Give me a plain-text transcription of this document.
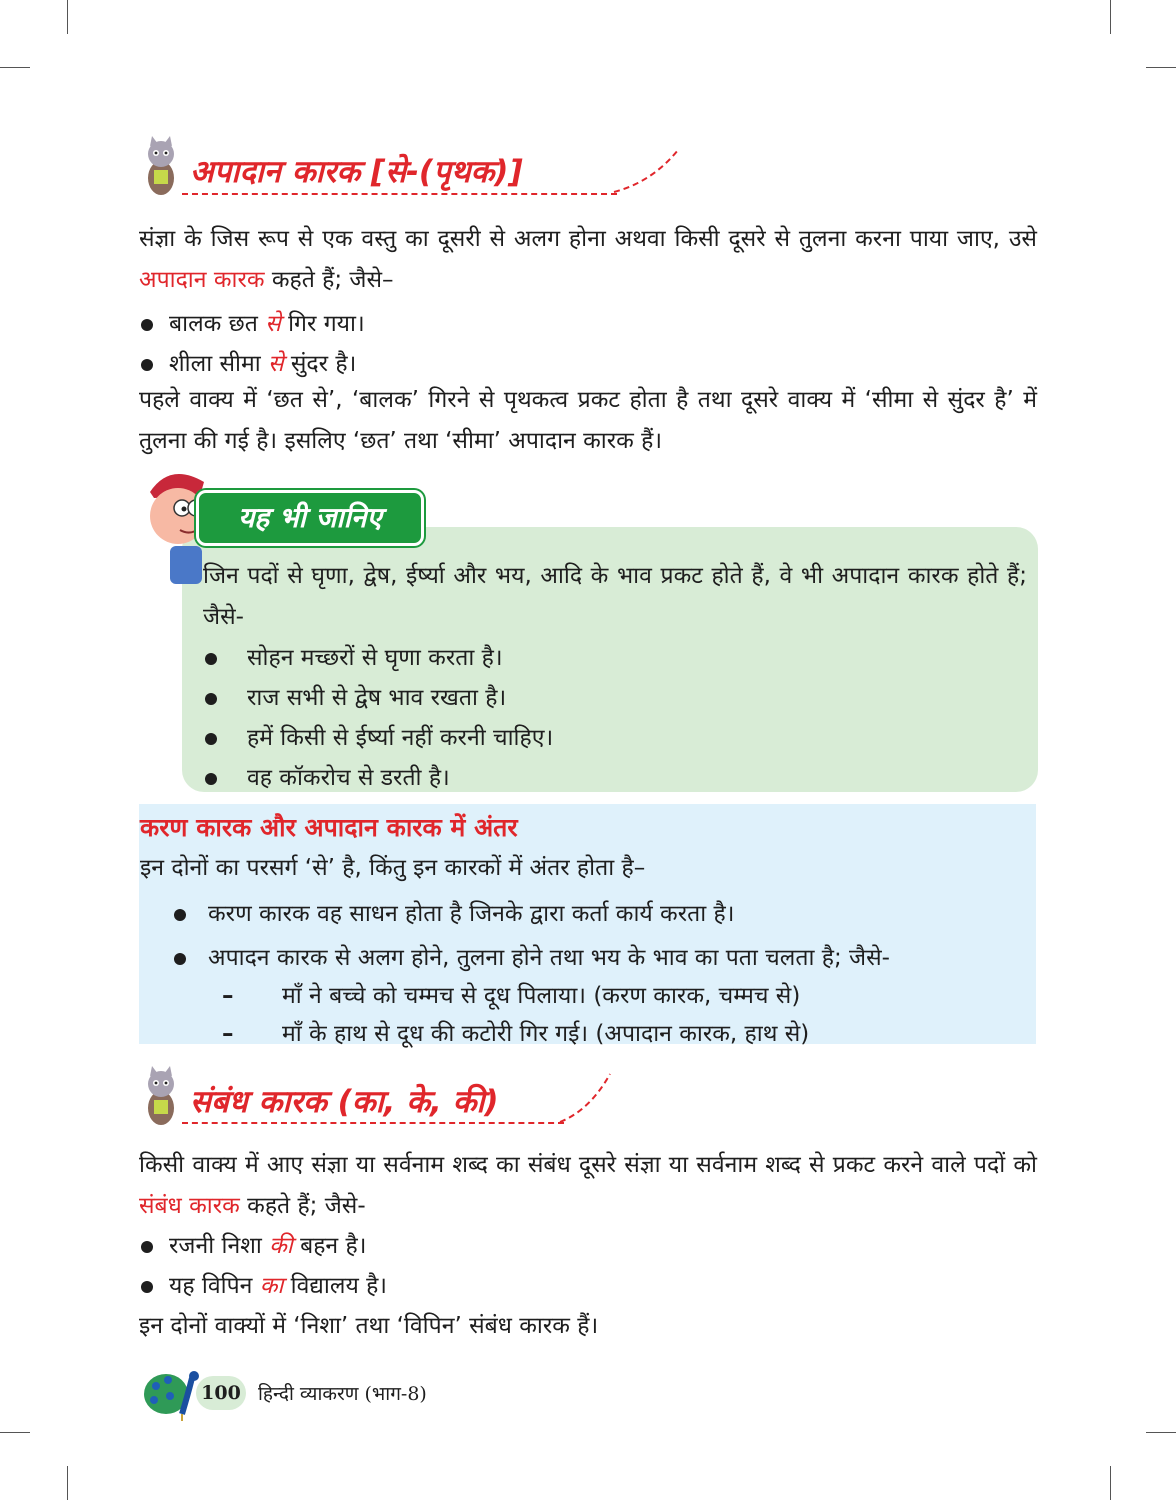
अपादान कारक [से-(पृथक)]
संज्ञा के जिस रूप से एक वस्तु का दूसरी से अलग होना अथवा किसी दूसरे से तुलना करना पाया जाए, उसे अपादान कारक कहते हैं; जैसे–
बालक छत से गिर गया।
शीला सीमा से सुंदर है।
पहले वाक्य में ‘छत से’, ‘बालक’ गिरने से पृथकत्व प्रकट होता है तथा दूसरे वाक्य में ‘सीमा से सुंदर है’ में तुलना की गई है। इसलिए ‘छत’ तथा ‘सीमा’ अपादान कारक हैं।
यह भी जानिए
जिन पदों से घृणा, द्वेष, ईर्ष्या और भय, आदि के भाव प्रकट होते हैं, वे भी अपादान कारक होते हैं; जैसे-
सोहन मच्छरों से घृणा करता है।
राज सभी से द्वेष भाव रखता है।
हमें किसी से ईर्ष्या नहीं करनी चाहिए।
वह कॉकरोच से डरती है।
करण कारक और अपादान कारक में अंतर
इन दोनों का परसर्ग ‘से’ है, किंतु इन कारकों में अंतर होता है–
करण कारक वह साधन होता है जिनके द्वारा कर्ता कार्य करता है।
अपादन कारक से अलग होने, तुलना होने तथा भय के भाव का पता चलता है; जैसे-
– माँ ने बच्चे को चम्मच से दूध पिलाया। (करण कारक, चम्मच से)
– माँ के हाथ से दूध की कटोरी गिर गई। (अपादान कारक, हाथ से)
संबंध कारक (का, के, की)
किसी वाक्य में आए संज्ञा या सर्वनाम शब्द का संबंध दूसरे संज्ञा या सर्वनाम शब्द से प्रकट करने वाले पदों को संबंध कारक कहते हैं; जैसे-
रजनी निशा की बहन है।
यह विपिन का विद्यालय है।
इन दोनों वाक्यों में ‘निशा’ तथा ‘विपिन’ संबंध कारक हैं।
100 हिन्दी व्याकरण (भाग-8)
